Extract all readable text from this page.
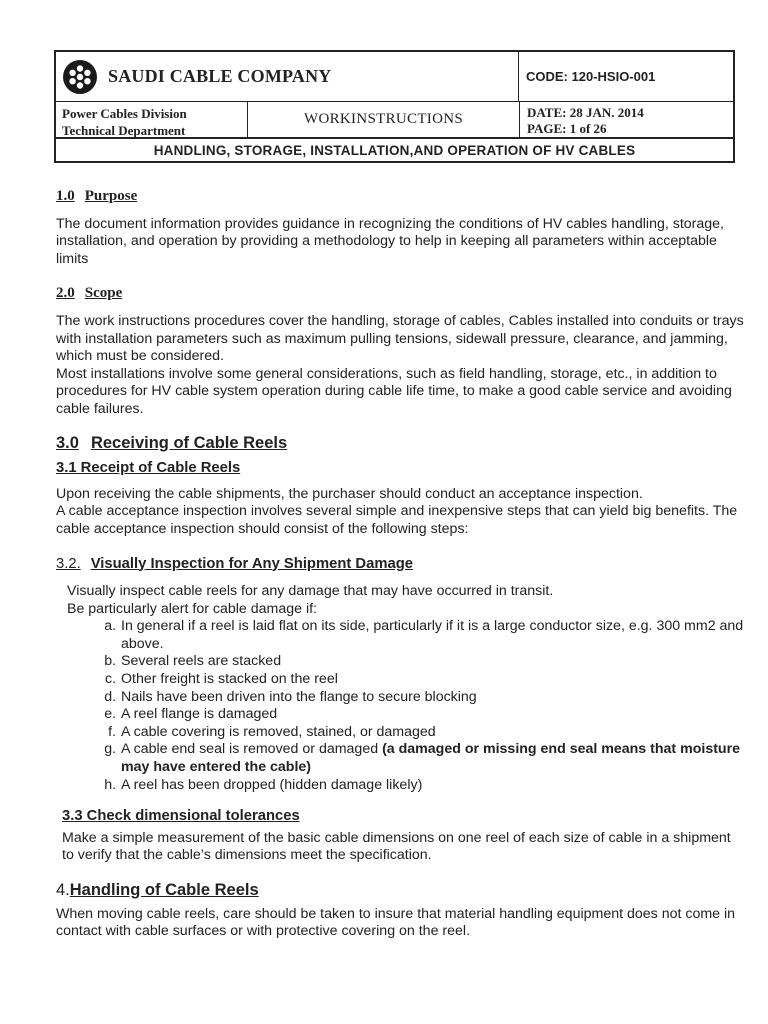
SAUDI CABLE COMPANY	CODE: 120-HSIO-001
Power Cables Division
Technical Department
WORKINSTRUCTIONS	DATE: 28 JAN. 2014
PAGE: 1 of 26
HANDLING, STORAGE, INSTALLATION,AND OPERATION OF HV CABLES
1.0 Purpose

The document information provides guidance in recognizing the conditions of HV cables handling, storage, installation, and operation by providing a methodology to help in keeping all parameters within acceptable limits

2.0 Scope

The work instructions procedures cover the handling, storage of cables, Cables installed into conduits or trays with installation parameters such as maximum pulling tensions, sidewall pressure, clearance, and jamming, which must be considered.

Most installations involve some general considerations, such as field handling, storage, etc., in addition to procedures for HV cable system operation during cable life time, to make a good cable service and avoiding cable failures.

3.0 Receiving of Cable Reels
3.1 Receipt of Cable Reels

Upon receiving the cable shipments, the purchaser should conduct an acceptance inspection.

A cable acceptance inspection involves several simple and inexpensive steps that can yield big benefits. The cable acceptance inspection should consist of the following steps:

3.2. Visually Inspection for Any Shipment Damage

Visually inspect cable reels for any damage that may have occurred in transit.

Be particularly alert for cable damage if:

a. In general if a reel is laid flat on its side, particularly if it is a large conductor size, e.g. 300 mm2 and above.
b. Several reels are stacked
c. Other freight is stacked on the reel
d. Nails have been driven into the flange to secure blocking
e. A reel flange is damaged
f. A cable covering is removed, stained, or damaged
g. A cable end seal is removed or damaged (a damaged or missing end seal means that moisture may have entered the cable)
h. A reel has been dropped (hidden damage likely)
3.3 Check dimensional tolerances

Make a simple measurement of the basic cable dimensions on one reel of each size of cable in a shipment to verify that the cable’s dimensions meet the specification.

4.Handling of Cable Reels

When moving cable reels, care should be taken to insure that material handling equipment does not come in contact with cable surfaces or with protective covering on the reel.
